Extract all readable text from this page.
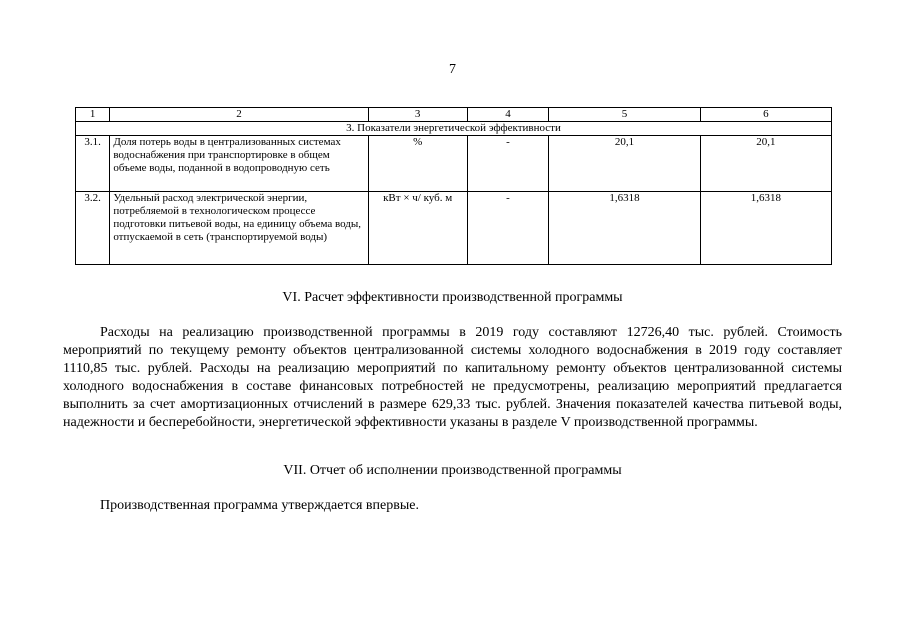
7
1	2	3	4	5	6
3. Показатели энергетической эффективности					
3.1.	Доля потерь воды в централизованных системах водоснабжения при транспортировке в общем объеме воды, поданной в водопроводную сеть	%	-	20,1	20,1
3.2.	Удельный расход электрической энергии, потребляемой в технологическом процессе подготовки питьевой воды, на единицу объема воды, отпускаемой в сеть (транспортируемой воды)	кВт × ч/ куб. м	-	1,6318	1,6318
VI. Расчет эффективности производственной программы

Расходы на реализацию производственной программы в 2019 году составляют 12726,40 тыс. рублей. Стоимость мероприятий по текущему ремонту объектов централизованной системы холодного водоснабжения в 2019 году составляет 1110,85 тыс. рублей. Расходы на реализацию мероприятий по капитальному ремонту объектов централизованной системы холодного водоснабжения в составе финансовых потребностей не предусмотрены, реализацию мероприятий предлагается выполнить за счет амортизационных отчислений в размере 629,33 тыс. рублей. Значения показателей качества питьевой воды, надежности и бесперебойности, энергетической эффективности указаны в разделе V производственной программы.

VII. Отчет об исполнении производственной программы

Производственная программа утверждается впервые.
